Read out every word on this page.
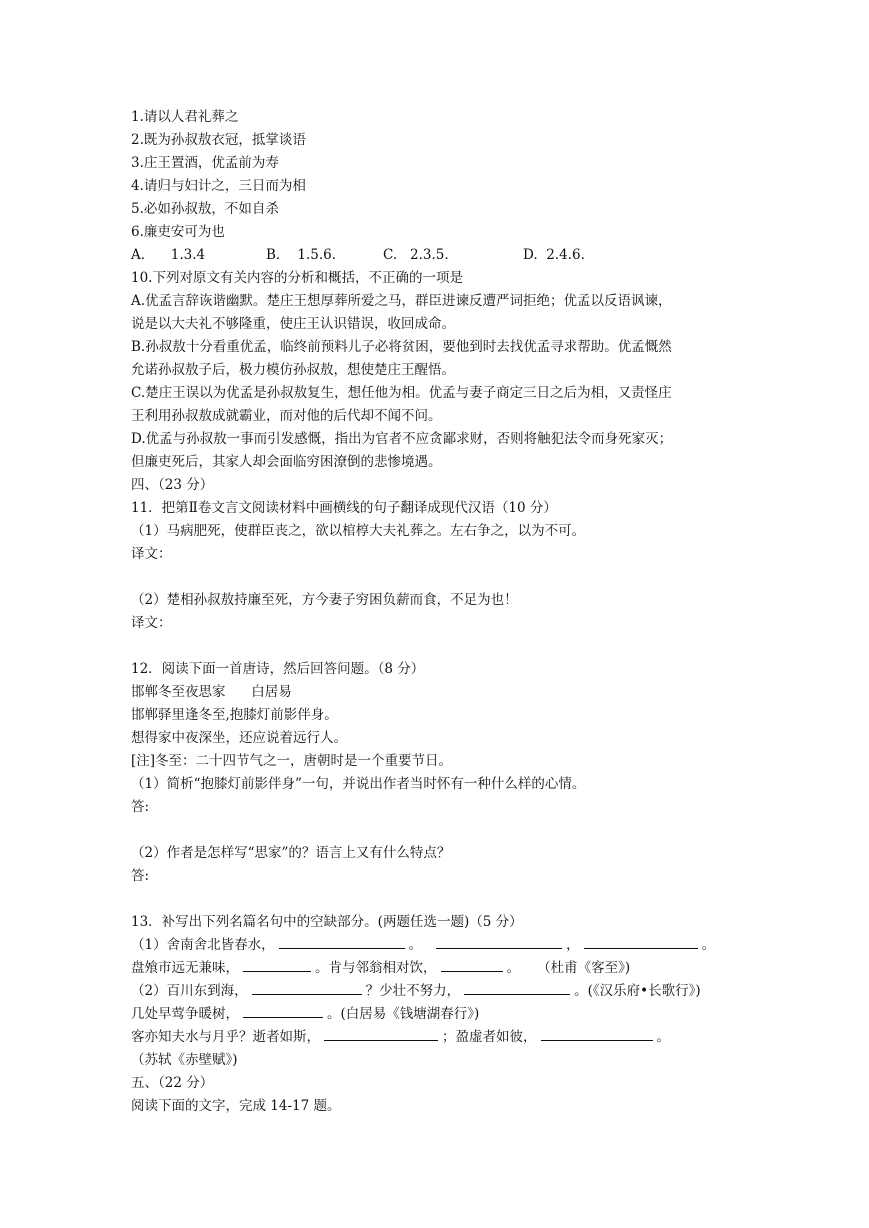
1.请以人君礼葬之
2.既为孙叔敖衣冠，抵掌谈语
3.庄王置酒，优孟前为寿
4.请归与妇计之，三日而为相
5.必如孙叔敖，不如自杀
6.廉吏安可为也
A.      1.3.4	B.    1.5.6.	C.   2.3.5.	D.  2.4.6.
10.下列对原文有关内容的分析和概括，不正确的一项是
A.优孟言辞诙谐幽默。楚庄王想厚葬所爱之马，群臣进谏反遭严词拒绝；优孟以反语讽谏，
说是以大夫礼不够隆重，使庄王认识错误，收回成命。
B.孙叔敖十分看重优孟，临终前预料儿子必将贫困，要他到时去找优孟寻求帮助。优孟慨然
允诺孙叔敖子后，极力模仿孙叔敖，想使楚庄王醒悟。
C.楚庄王误以为优孟是孙叔敖复生，想任他为相。优孟与妻子商定三日之后为相，又责怪庄
王利用孙叔敖成就霸业，而对他的后代却不闻不问。
D.优孟与孙叔敖一事而引发感慨，指出为官者不应贪鄙求财，否则将触犯法令而身死家灭；
但廉吏死后，其家人却会面临穷困潦倒的悲惨境遇。
四、（23 分）
11．把第Ⅱ卷文言文阅读材料中画横线的句子翻译成现代汉语（10 分）
（1）马病肥死，使群臣丧之，欲以棺椁大夫礼葬之。左右争之，以为不可。
译文：
（2）楚相孙叔敖持廉至死，方今妻子穷困负薪而食，不足为也！
译文：
12．阅读下面一首唐诗，然后回答问题。（8 分）
邯郸冬至夜思家      白居易
邯郸驿里逢冬至,抱膝灯前影伴身。
想得家中夜深坐，还应说着远行人。
[注]冬至：二十四节气之一，唐朝时是一个重要节日。
（1）简析“抱膝灯前影伴身”一句，并说出作者当时怀有一种什么样的心情。
答:
（2）作者是怎样写“思家”的？语言上又有什么特点？
答:
13．补写出下列名篇名句中的空缺部分。(两题任选一题)（5 分）
（1）舍南舍北皆春水，	。	，	。
盘飧市远无兼味，	。肯与邻翁相对饮，	。    （杜甫《客至》)
（2）百川东到海，	？少壮不努力，	。(《汉乐府•长歌行》)
几处早莺争暖树，	。(白居易《钱塘湖春行》)
客亦知夫水与月乎？逝者如斯，	；盈虚者如彼，	。
（苏轼《赤壁赋》)
五、（22 分）
阅读下面的文字，完成 14-17 题。
